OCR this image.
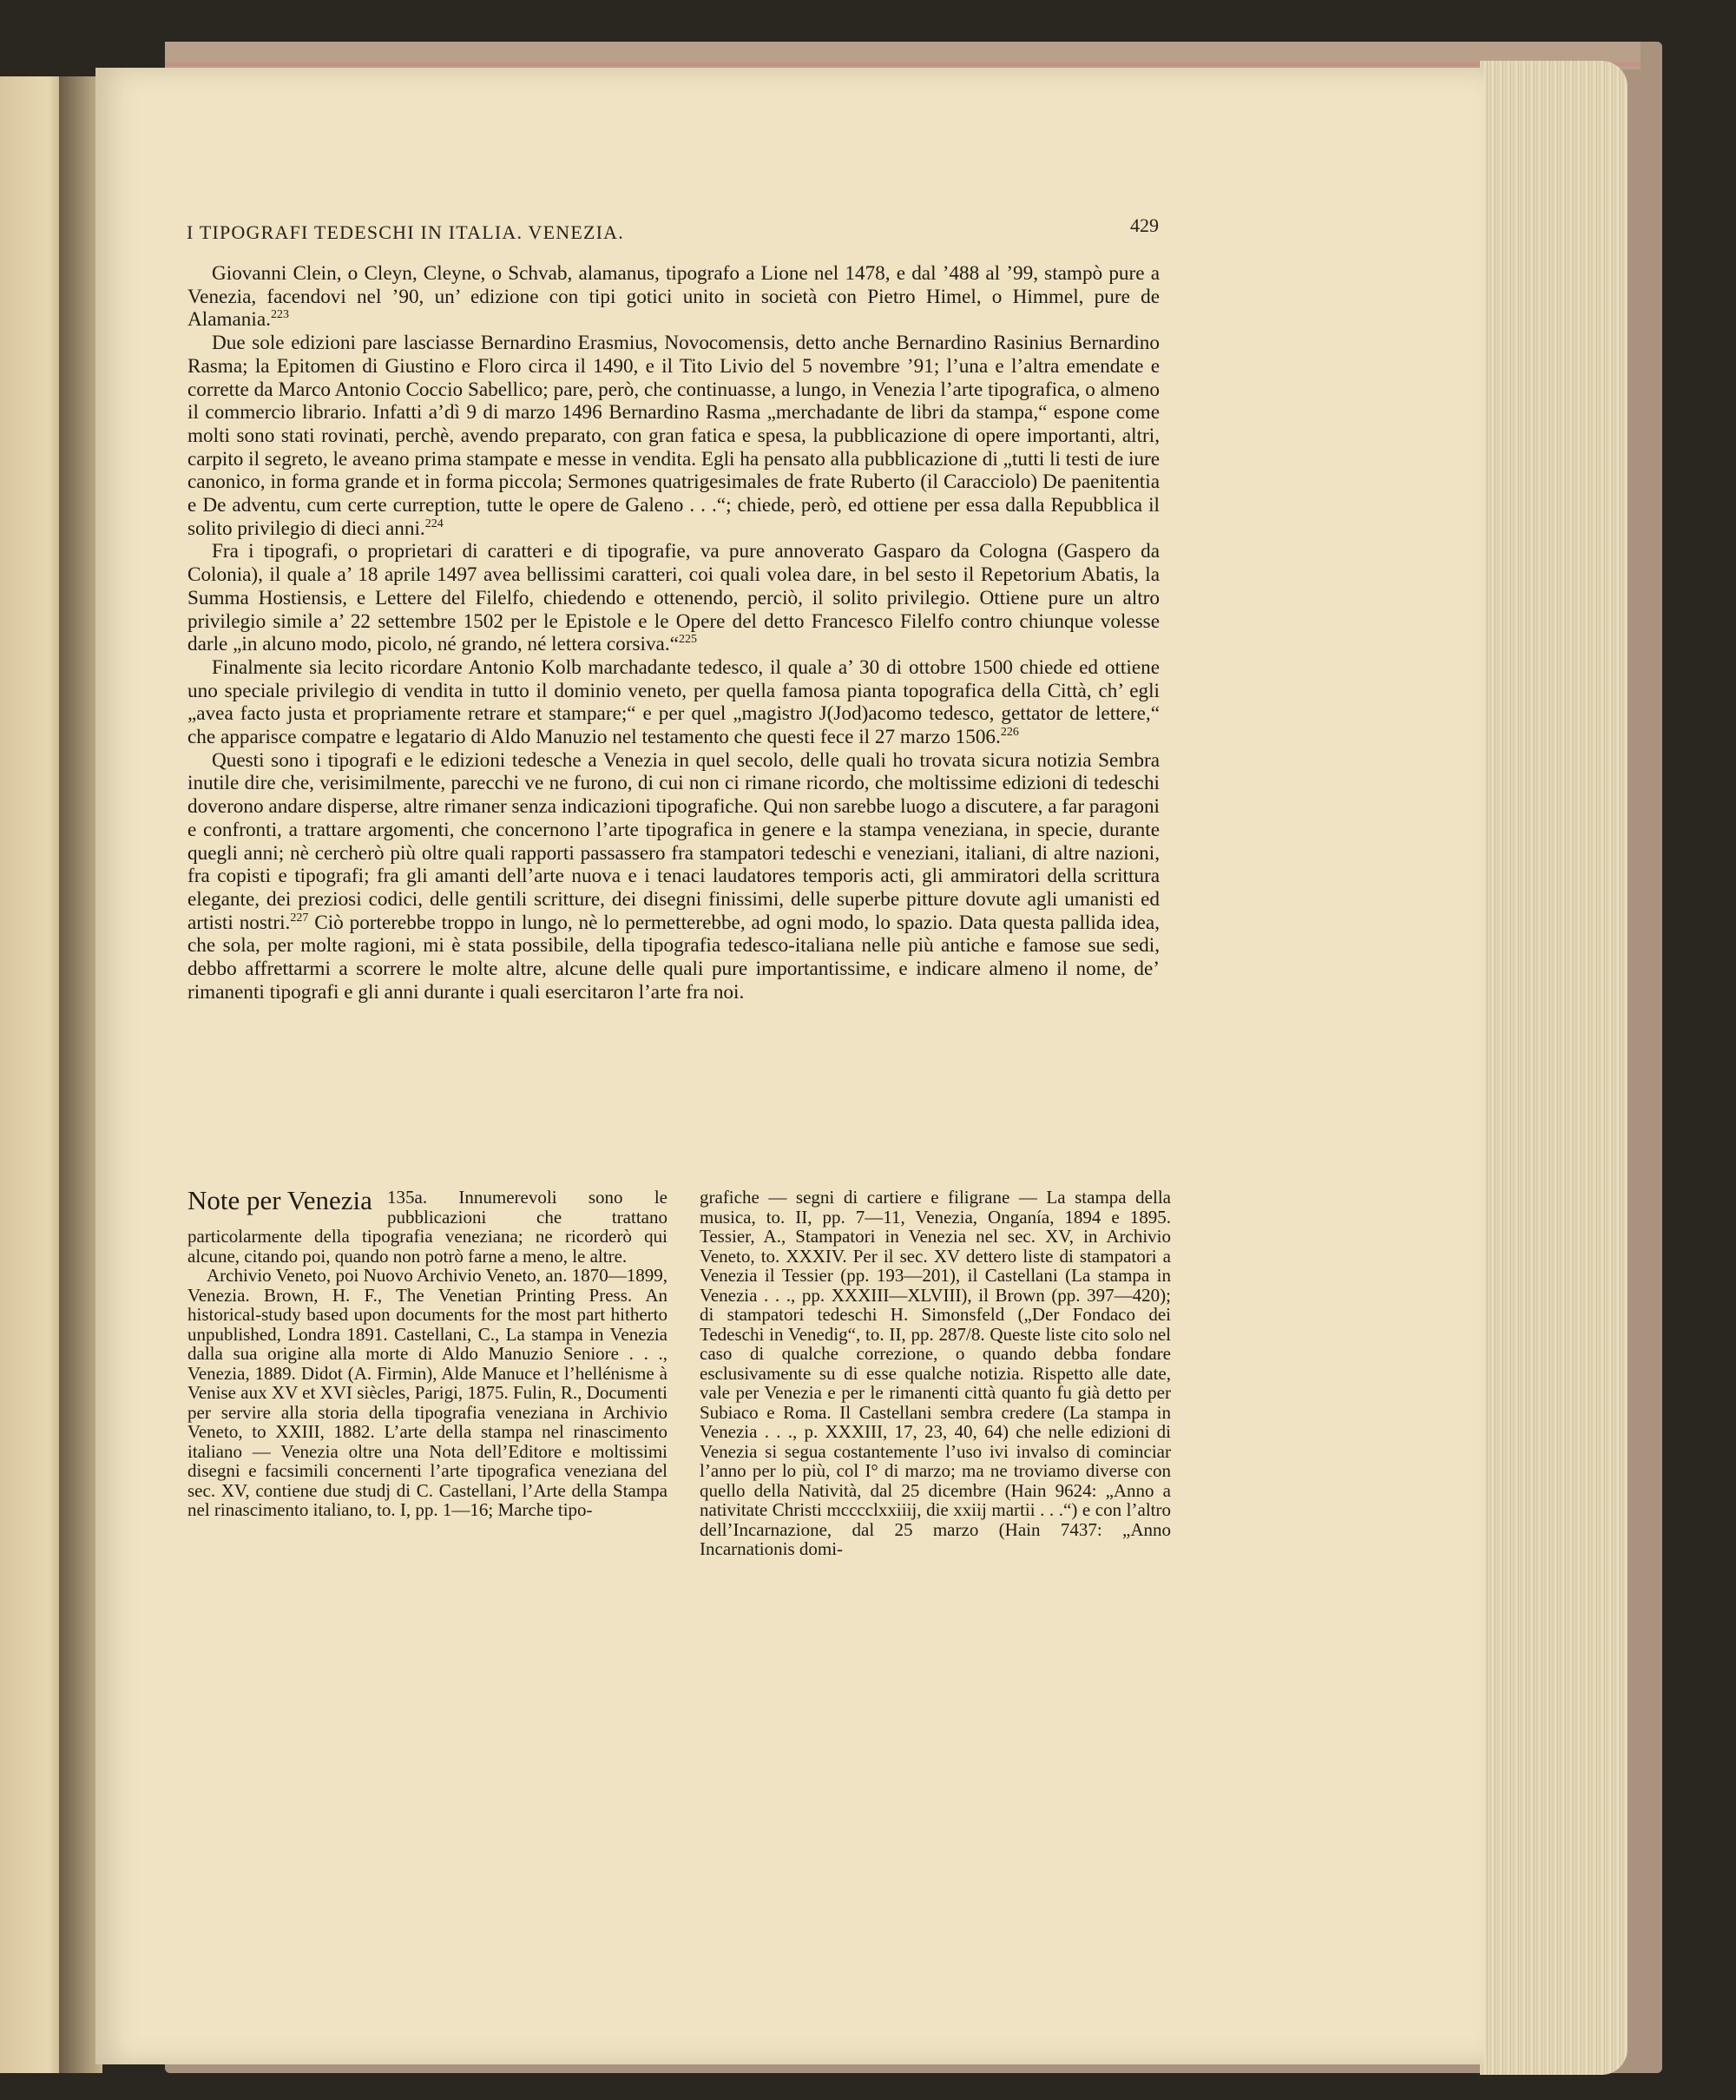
I TIPOGRAFI TEDESCHI IN ITALIA. VENEZIA.	429

Giovanni Clein, o Cleyn, Cleyne, o Schvab, alamanus, tipografo a Lione nel 1478, e dal ’488 al ’99, stampò pure a Venezia, facendovi nel ’90, un’ edizione con tipi gotici unito in società con Pietro Himel, o Himmel, pure de Alamania.$^{223}$

Due sole edizioni pare lasciasse Bernardino Erasmius, Novocomensis, detto anche Bernardino Rasinius Bernardino Rasma; la Epitomen di Giustino e Floro circa il 1490, e il Tito Livio del 5 novembre ’91; l’una e l’altra emendate e corrette da Marco Antonio Coccio Sabellico; pare, però, che continuasse, a lungo, in Venezia l’arte tipografica, o almeno il commercio librario. Infatti a’dì 9 di marzo 1496 Bernardino Rasma „merchadante de libri da stampa,“ espone come molti sono stati rovinati, perchè, avendo preparato, con gran fatica e spesa, la pubblicazione di opere importanti, altri, carpito il segreto, le aveano prima stampate e messe in vendita. Egli ha pensato alla pubblicazione di „tutti li testi de iure canonico, in forma grande et in forma piccola; Sermones quatrigesimales de frate Ruberto (il Caracciolo) De paenitentia e De adventu, cum certe curreption, tutte le opere de Galeno . . .“; chiede, però, ed ottiene per essa dalla Repubblica il solito privilegio di dieci anni.$^{224}$

Fra i tipografi, o proprietari di caratteri e di tipografie, va pure annoverato Gasparo da Cologna (Gaspero da Colonia), il quale a’ 18 aprile 1497 avea bellissimi caratteri, coi quali volea dare, in bel sesto il Repetorium Abatis, la Summa Hostiensis, e Lettere del Filelfo, chiedendo e ottenendo, perciò, il solito privilegio. Ottiene pure un altro privilegio simile a’ 22 settembre 1502 per le Epistole e le Opere del detto Francesco Filelfo contro chiunque volesse darle „in alcuno modo, picolo, né grando, né lettera corsiva.“$^{225}$

Finalmente sia lecito ricordare Antonio Kolb marchadante tedesco, il quale a’ 30 di ottobre 1500 chiede ed ottiene uno speciale privilegio di vendita in tutto il dominio veneto, per quella famosa pianta topografica della Città, ch’ egli „avea facto justa et propriamente retrare et stampare;“ e per quel „magistro J(Jod)acomo tedesco, gettator de lettere,“ che apparisce compatre e legatario di Aldo Manuzio nel testamento che questi fece il 27 marzo 1506.$^{226}$

Questi sono i tipografi e le edizioni tedesche a Venezia in quel secolo, delle quali ho trovata sicura notizia Sembra inutile dire che, verisimilmente, parecchi ve ne furono, di cui non ci rimane ricordo, che moltissime edizioni di tedeschi doverono andare disperse, altre rimaner senza indicazioni tipografiche. Qui non sarebbe luogo a discutere, a far paragoni e confronti, a trattare argomenti, che concernono l’arte tipografica in genere e la stampa veneziana, in specie, durante quegli anni; nè cercherò più oltre quali rapporti passassero fra stampatori tedeschi e veneziani, italiani, di altre nazioni, fra copisti e tipografi; fra gli amanti dell’arte nuova e i tenaci laudatores temporis acti, gli ammiratori della scrittura elegante, dei preziosi codici, delle gentili scritture, dei disegni finissimi, delle superbe pitture dovute agli umanisti ed artisti nostri.$^{227}$ Ciò porterebbe troppo in lungo, nè lo permetterebbe, ad ogni modo, lo spazio. Data questa pallida idea, che sola, per molte ragioni, mi è stata possibile, della tipografia tedesco-italiana nelle più antiche e famose sue sedi, debbo affrettarmi a scorrere le molte altre, alcune delle quali pure importantissime, e indicare almeno il nome, de’ rimanenti tipografi e gli anni durante i quali esercitaron l’arte fra noi.

Note per Venezia 135a. Innumerevoli sono le pubblicazioni che trattano particolarmente della tipografia veneziana; ne ricorderò qui alcune, citando poi, quando non potrò farne a meno, le altre.

Archivio Veneto, poi Nuovo Archivio Veneto, an. 1870—1899, Venezia. Brown, H. F., The Venetian Printing Press. An historical-study based upon documents for the most part hitherto unpublished, Londra 1891. Castellani, C., La stampa in Venezia dalla sua origine alla morte di Aldo Manuzio Seniore . . ., Venezia, 1889. Didot (A. Firmin), Alde Manuce et l’hellénisme à Venise aux XV et XVI siècles, Parigi, 1875. Fulin, R., Documenti per servire alla storia della tipografia veneziana in Archivio Veneto, to XXIII, 1882. L’arte della stampa nel rinascimento italiano — Venezia oltre una Nota dell’Editore e moltissimi disegni e facsimili concernenti l’arte tipografica veneziana del sec. XV, contiene due studj di C. Castellani, l’Arte della Stampa nel rinascimento italiano, to. I, pp. 1—16; Marche tipo-

grafiche — segni di cartiere e filigrane — La stampa della musica, to. II, pp. 7—11, Venezia, Onganía, 1894 e 1895. Tessier, A., Stampatori in Venezia nel sec. XV, in Archivio Veneto, to. XXXIV. Per il sec. XV dettero liste di stampatori a Venezia il Tessier (pp. 193—201), il Castellani (La stampa in Venezia . . ., pp. XXXIII—XLVIII), il Brown (pp. 397—420); di stampatori tedeschi H. Simonsfeld („Der Fondaco dei Tedeschi in Venedig“, to. II, pp. 287/8. Queste liste cito solo nel caso di qualche correzione, o quando debba fondare esclusivamente su di esse qualche notizia. Rispetto alle date, vale per Venezia e per le rimanenti città quanto fu già detto per Subiaco e Roma. Il Castellani sembra credere (La stampa in Venezia . . ., p. XXXIII, 17, 23, 40, 64) che nelle edizioni di Venezia si segua costantemente l’uso ivi invalso di cominciar l’anno per lo più, col I° di marzo; ma ne troviamo diverse con quello della Natività, dal 25 dicembre (Hain 9624: „Anno a nativitate Christi mcccclxxiiij, die xxiij martii . . .“) e con l’altro dell’Incarnazione, dal 25 marzo (Hain 7437: „Anno Incarnationis domi-
